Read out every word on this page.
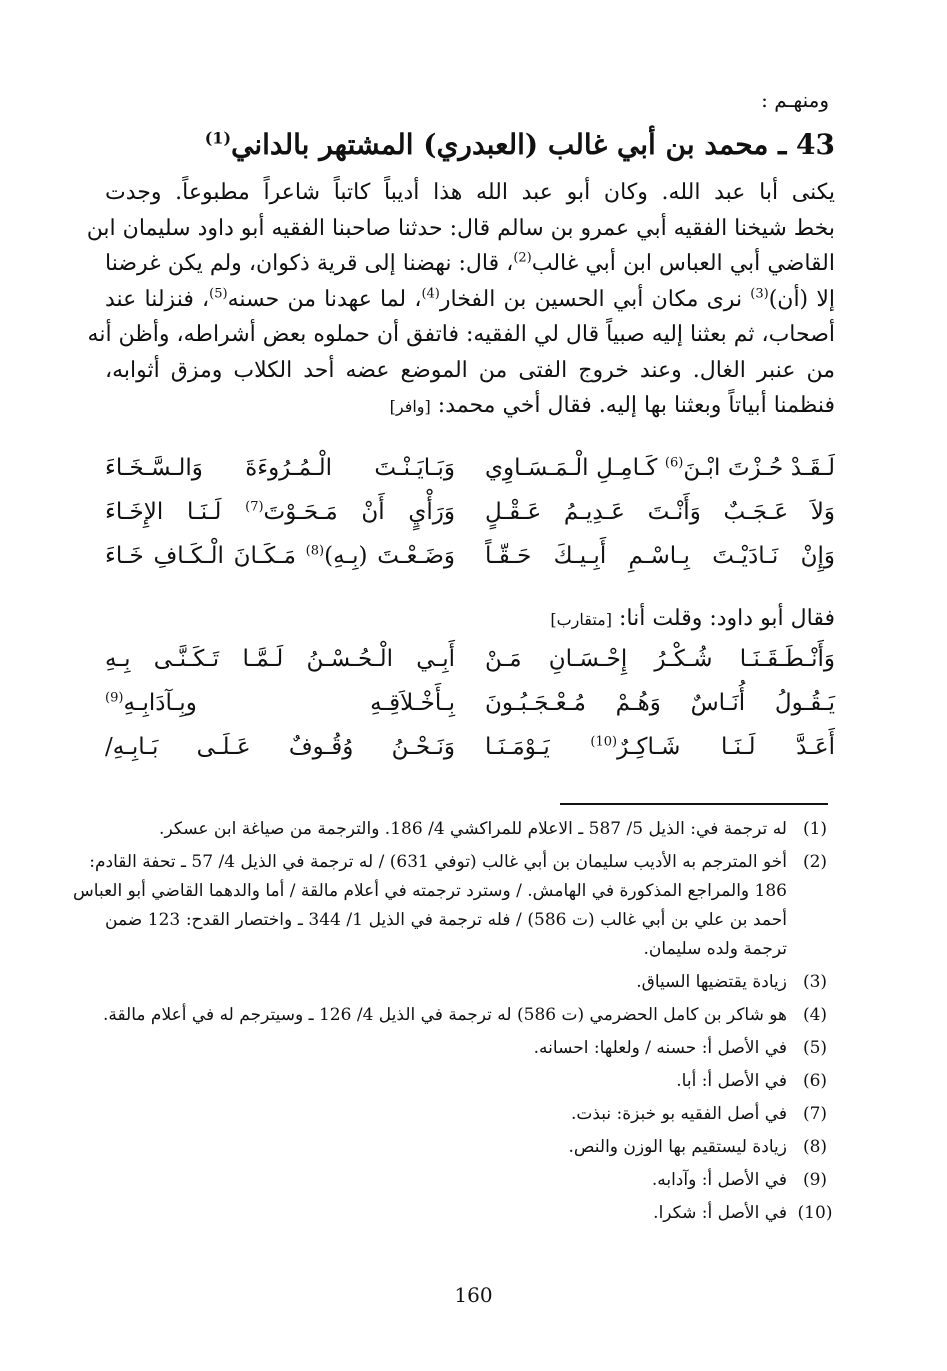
ومنهـم :
43 ـ محمد بن أبي غالب (العبدري) المشتهر بالداني$^{(1)}$
يكنى أبا عبد الله. وكان أبو عبد الله هذا أديباً كاتباً شاعراً مطبوعاً. وجدت
بخط شيخنا الفقيه أبي عمرو بن سالم قال: حدثنا صاحبنا الفقيه أبو داود سليمان ابن
القاضي أبي العباس ابن أبي غالب$^{(2)}$، قال: نهضنا إلى قرية ذكوان، ولم يكن غرضنا
إلا (أن)$^{(3)}$ نرى مكان أبي الحسين بن الفخار$^{(4)}$، لما عهدنا من حسنه$^{(5)}$، فنزلنا عند
أصحاب، ثم بعثنا إليه صبياً قال لي الفقيه: فاتفق أن حملوه بعض أشراطه، وأظن أنه
من عنبر الغال. وعند خروج الفتى من الموضع عضه أحد الكلاب ومزق أثوابه،
فنظمنا أبياتاً وبعثنا بها إليه. فقال أخي محمد: [وافر]
لَـقَـدْ حُـزْتَ ابْـنَ$^{(6)}$ كَـامِـلِ الْـمَـسَـاوِي
وَبَـايَـنْـتَ الْـمُـرُوءَةَ وَالـسَّـخَـاءَ
وَلاَ عَـجَـبٌ وَأَنْـتَ عَـدِيـمُ عَـقْـلٍ
وَرَأْيٍ أَنْ مَـحَـوْتَ$^{(7)}$ لَـنَـا الإِخَـاءَ
وَإِنْ نَـادَيْـتَ بِـاسْـمِ أَبِـيـكَ حَـقّـاً
وَضَـعْـتَ (بِـهِ)$^{(8)}$ مَـكَـانَ الْـكَـافِ خَـاءَ
فقال أبو داود: وقلت أنا: [متقارب]
وَأَنْـطَـقَـنَـا شُـكْـرُ إِحْـسَـانِ مَـنْ
أَبِـي الْـحُـسْـنُ لَـمَّـا تَـكَـنَّـى بِـهِ
يَـقُـولُ أُنَـاسٌ وَهُـمْ مُـعْـجَـبُـونَ
بِـأَخْـلاَقِـهِ وبِـآدَابِـهِ$^{(9)}$
أَعَـدَّ لَـنَـا شَـاكِـرٌ$^{(10)}$ يَـوْمَـنَـا
وَنَـحْـنُ وُقُـوفٌ عَـلَـى بَـابِـهِ/
(1)
له ترجمة في: الذيل 5/ 587 ـ الاعلام للمراكشي 4/ 186. والترجمة من صياغة ابن عسكر.
(2)
أخو المترجم به الأديب سليمان بن أبي غالب (توفي 631) / له ترجمة في الذيل 4/ 57 ـ تحفة القادم:
186 والمراجع المذكورة في الهامش. / وسترد ترجمته في أعلام مالقة / أما والدهما القاضي أبو العباس
أحمد بن علي بن أبي غالب (ت 586) / فله ترجمة في الذيل 1/ 344 ـ واختصار القدح: 123 ضمن
ترجمة ولده سليمان.
(3)
زيادة يقتضيها السياق.
(4)
هو شاكر بن كامل الحضرمي (ت 586) له ترجمة في الذيل 4/ 126 ـ وسيترجم له في أعلام مالقة.
(5)
في الأصل أ: حسنه / ولعلها: احسانه.
(6)
في الأصل أ: أبا.
(7)
في أصل الفقيه بو خبزة: نبذت.
(8)
زيادة ليستقيم بها الوزن والنص.
(9)
في الأصل أ: وآدابه.
(10)
في الأصل أ: شكرا.
160
